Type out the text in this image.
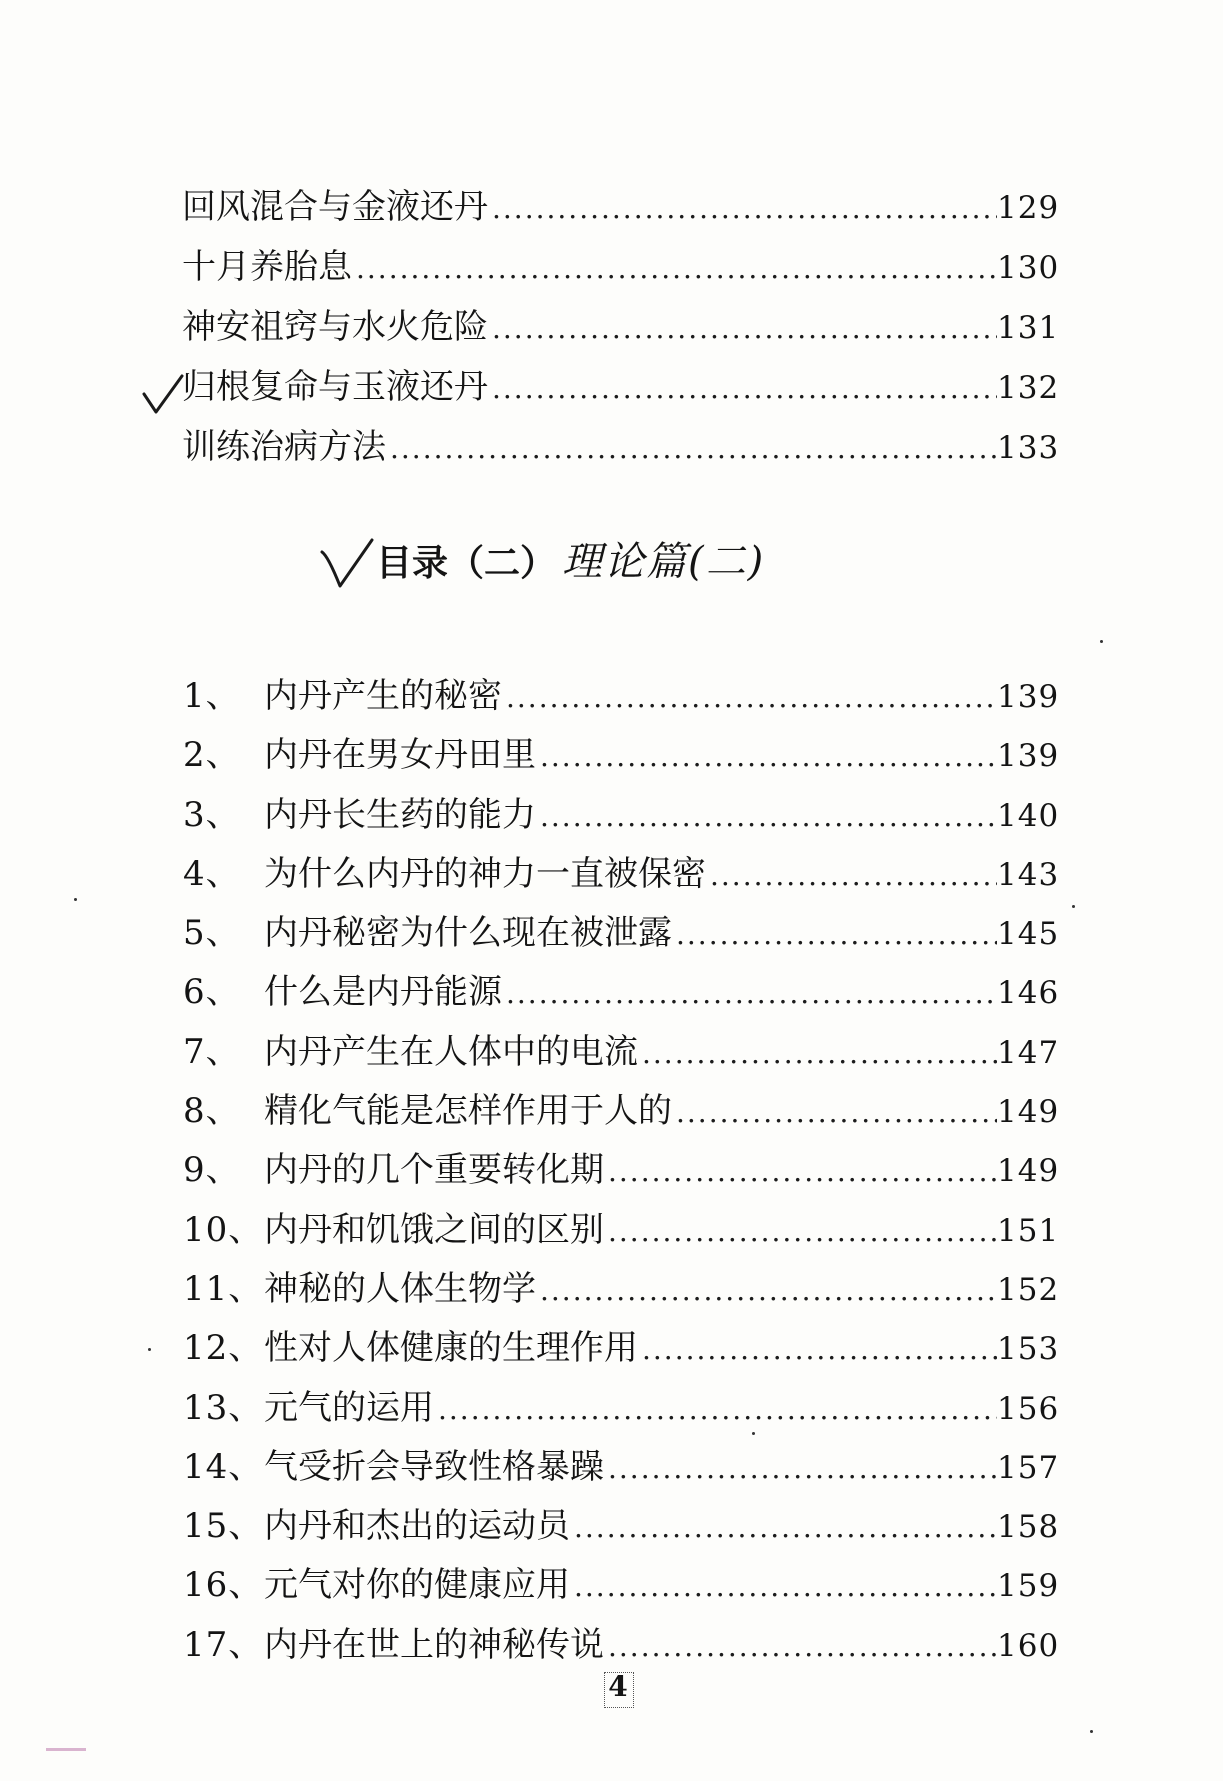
回风混合与金液还丹 .....	129
十月养胎息 .....	130
神安祖窍与水火危险 .....	131
归根复命与玉液还丹 .....	132
训练治病方法 .....	133
目录（二） 理论篇(二)
1、 内丹产生的秘密 .....	139
2、 内丹在男女丹田里 .....	139
3、 内丹长生药的能力 .....	140
4、 为什么内丹的神力一直被保密 .....	143
5、 内丹秘密为什么现在被泄露 .....	145
6、 什么是内丹能源 .....	146
7、 内丹产生在人体中的电流 .....	147
8、 精化气能是怎样作用于人的 .....	149
9、 内丹的几个重要转化期 .....	149
10、 内丹和饥饿之间的区别 .....	151
11、 神秘的人体生物学 .....	152
12、 性对人体健康的生理作用 .....	153
13、 元气的运用 .....	156
14、 气受折会导致性格暴躁 .....	157
15、 内丹和杰出的运动员 .....	158
16、 元气对你的健康应用 .....	159
17、 内丹在世上的神秘传说 .....	160
4
